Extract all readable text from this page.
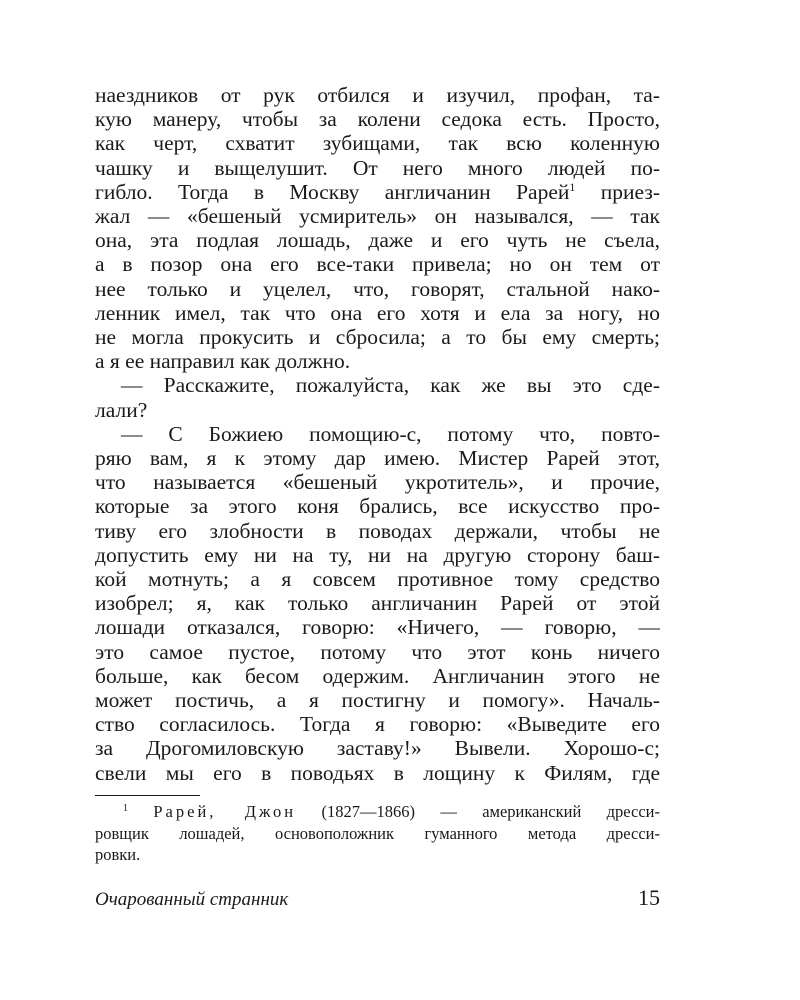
наездников от рук отбился и изучил, профан, та-
кую манеру, чтобы за колени седока есть. Просто,
как черт, схватит зубищами, так всю коленную
чашку и выщелушит. От него много людей по-
гибло. Тогда в Москву англичанин Рарей$^1$ приез-
жал — «бешеный усмиритель» он назывался, — так
она, эта подлая лошадь, даже и его чуть не съела,
а в позор она его все-таки привела; но он тем от
нее только и уцелел, что, говорят, стальной нако-
ленник имел, так что она его хотя и ела за ногу, но
не могла прокусить и сбросила; а то бы ему смерть;
а я ее направил как должно.
— Расскажите, пожалуйста, как же вы это сде-
лали?
— С Божиею помощию-с, потому что, повто-
ряю вам, я к этому дар имею. Мистер Рарей этот,
что называется «бешеный укротитель», и прочие,
которые за этого коня брались, все искусство про-
тиву его злобности в поводах держали, чтобы не
допустить ему ни на ту, ни на другую сторону баш-
кой мотнуть; а я совсем противное тому средство
изобрел; я, как только англичанин Рарей от этой
лошади отказался, говорю: «Ничего, — говорю, —
это самое пустое, потому что этот конь ничего
больше, как бесом одержим. Англичанин этого не
может постичь, а я постигну и помогу». Началь-
ство согласилось. Тогда я говорю: «Выведите его
за Дрогомиловскую заставу!» Вывели. Хорошо-с;
свели мы его в поводьях в лощину к Филям, где
$^1$ Рарей, Джон (1827—1866) — американский дресси-
ровщик лошадей, основоположник гуманного метода дресси-
ровки.
Очарованный странник	15
